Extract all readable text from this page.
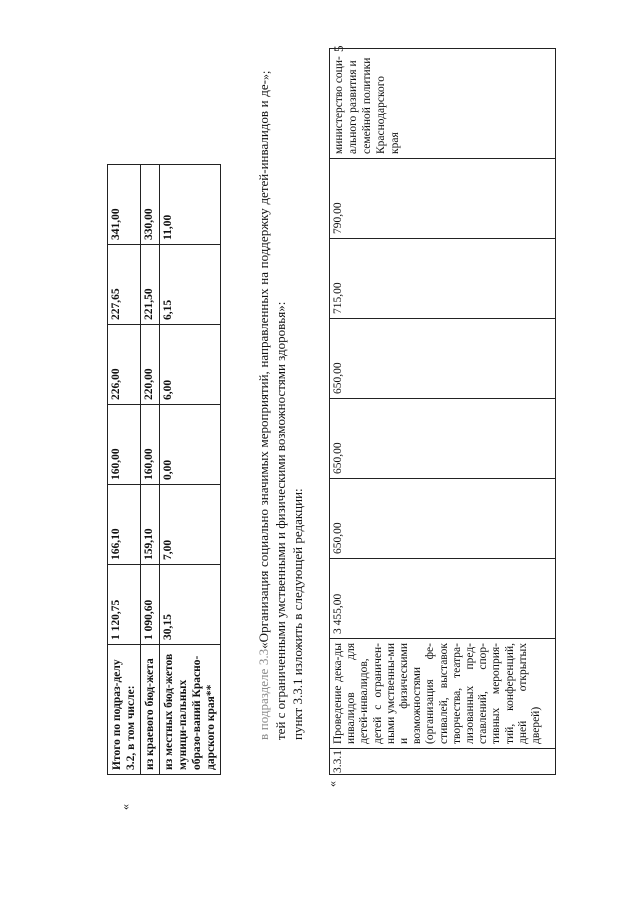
5
«
»;
«
Итого по подраз-делу 3.2, в том числе:	1 120,75	166,10	160,00	226,00	227,65	341,00
из краевого бюд-жета	1 090,60	159,10	160,00	220,00	221,50	330,00
из местных бюд-жетов муници-пальных образо-ваний Красно-дарского края**	30,15	7,00	0,00	6,00	6,15	11,00
в подразделе 3.3«Организация социально значимых мероприятий, направленных на поддержку детей-инвалидов и де-тей с ограниченными умственными и физическими возможностями здоровья»: пункт 3.3.1 изложить в следующей редакции:
3.3.1	Проведение дека-ды инвалидов для детей-инвалидов, детей с ограничен-ными умственны-ми и физическими возможностями (организация фе-стивалей, выставок творчества, театра-лизованных пред-ставлений, спор-тивных мероприя-тий, конференций, дней открытых дверей)	3 455,00	650,00	650,00	650,00	715,00	790,00	министерство соци-ального развития и семейной политики Краснодарского края
